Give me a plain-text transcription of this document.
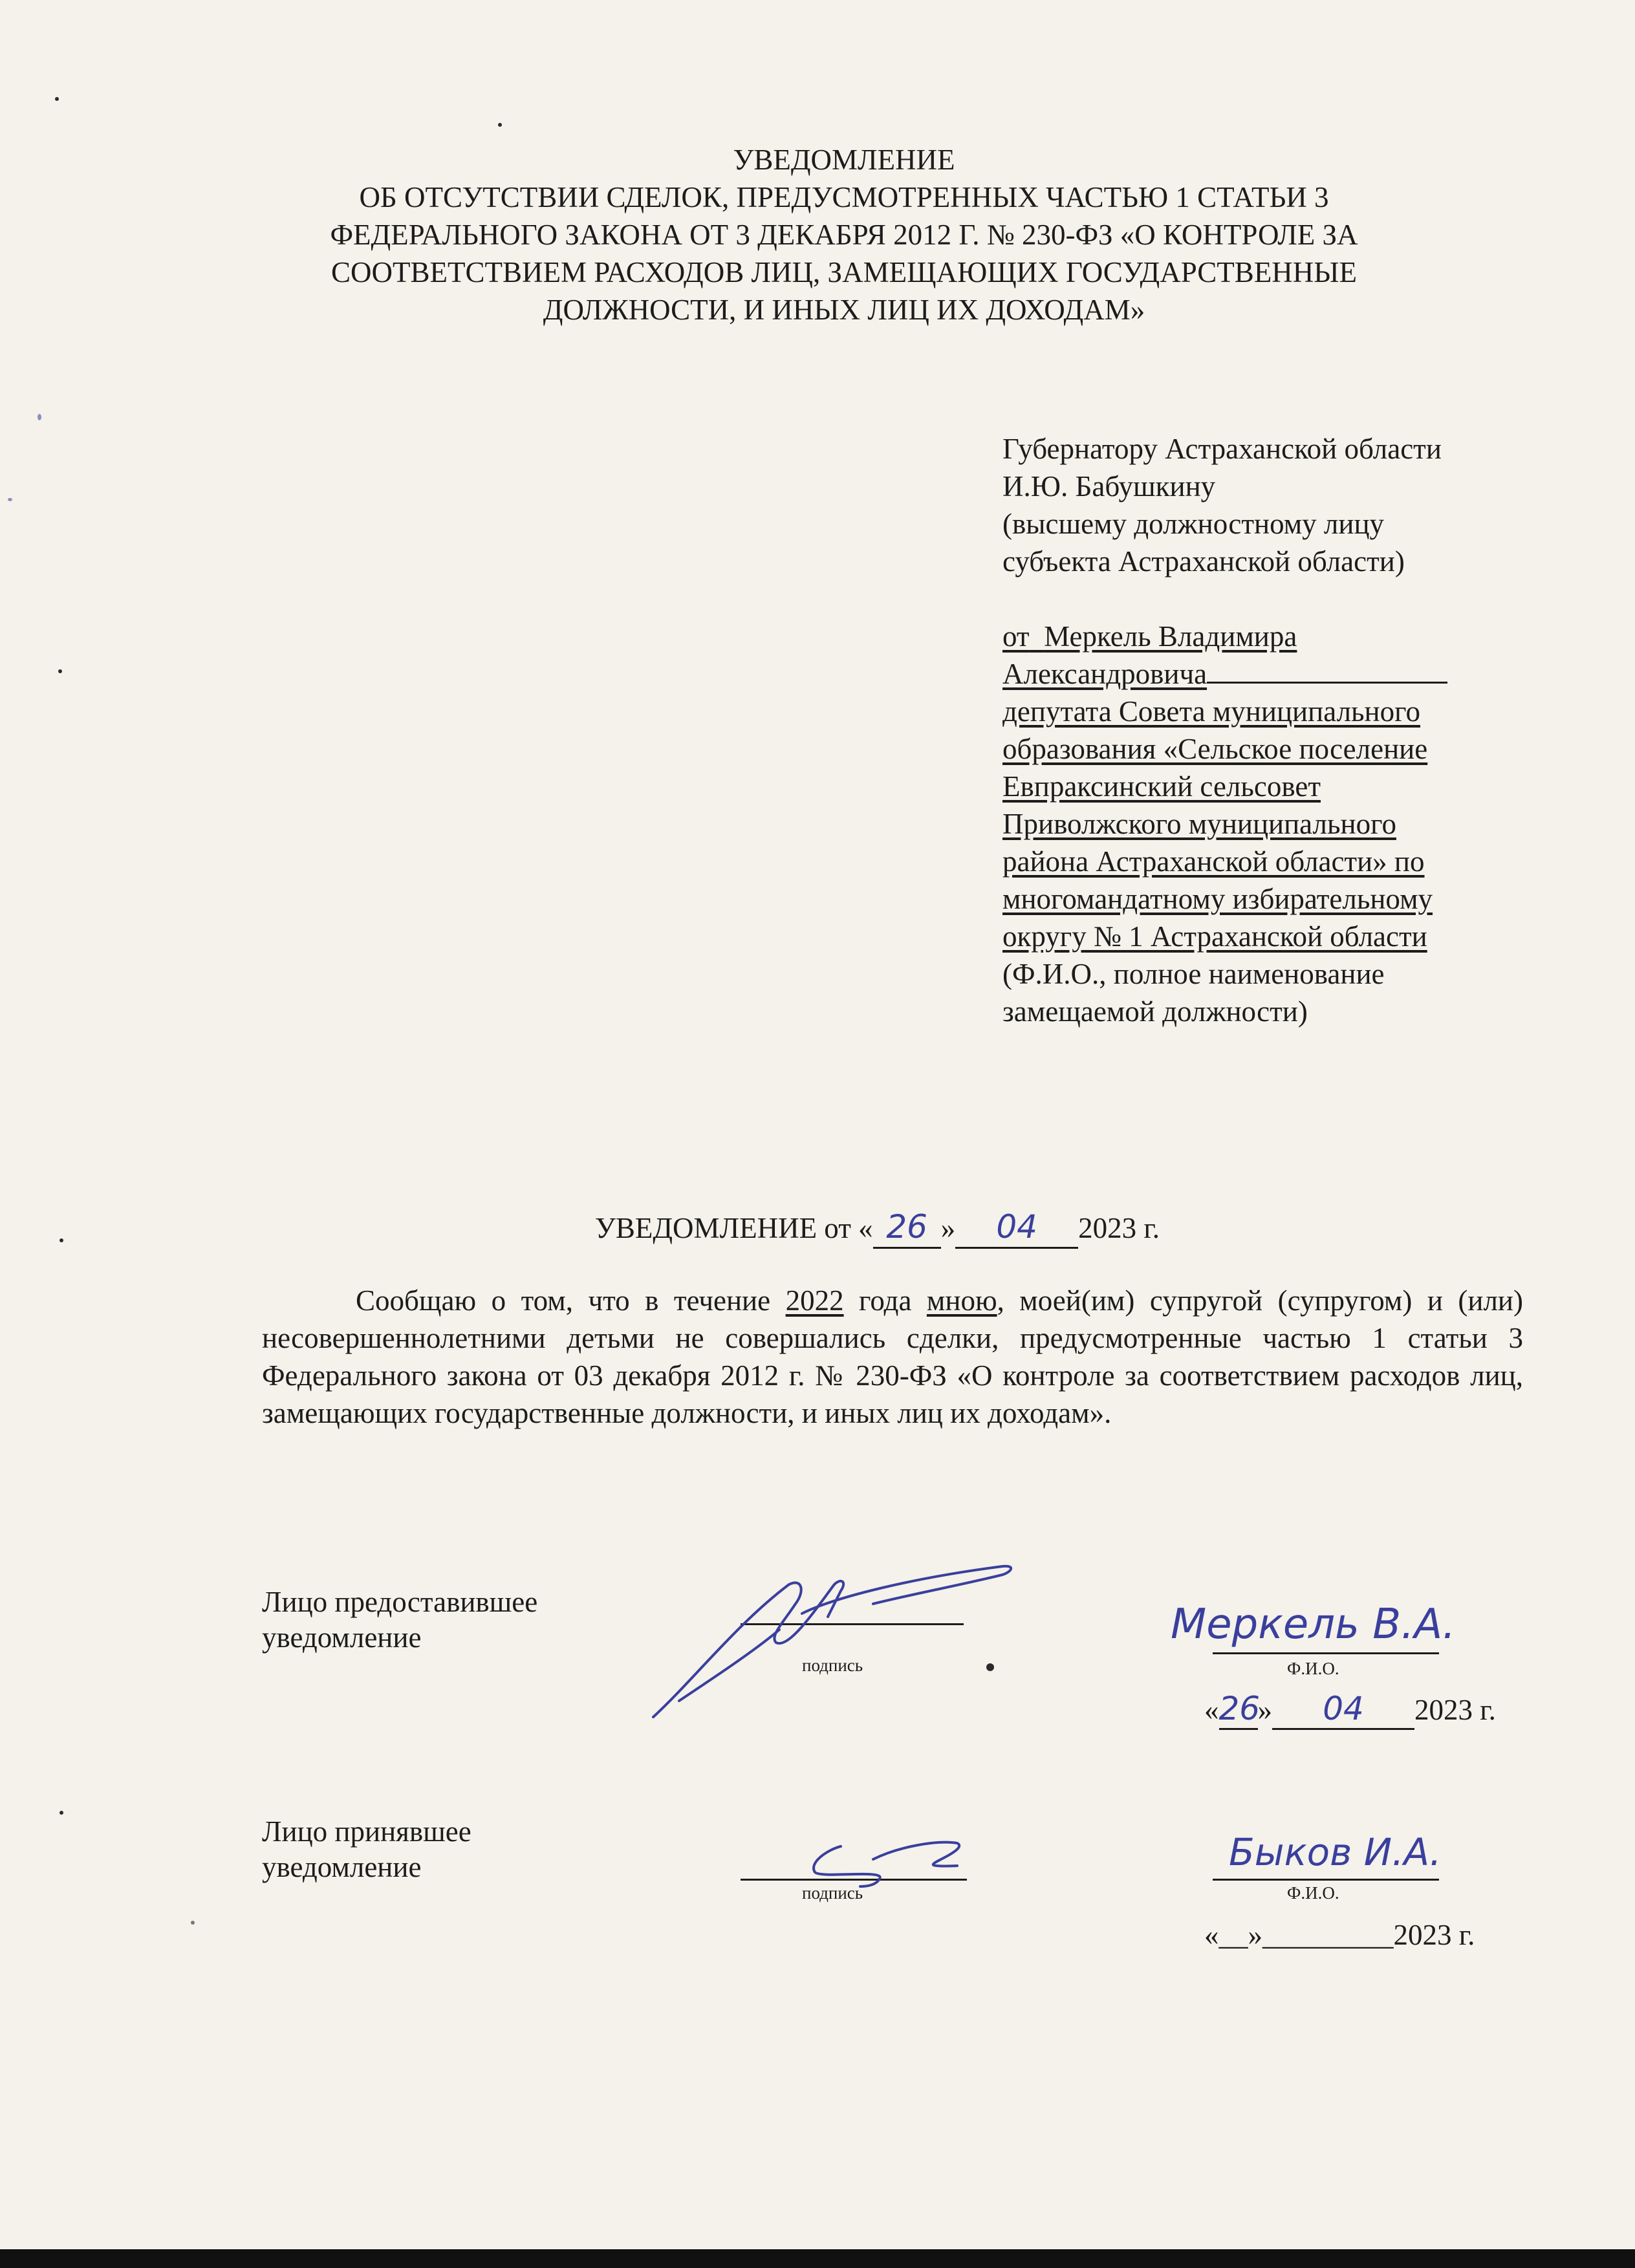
УВЕДОМЛЕНИЕ
ОБ ОТСУТСТВИИ СДЕЛОК, ПРЕДУСМОТРЕННЫХ ЧАСТЬЮ 1 СТАТЬИ 3
ФЕДЕРАЛЬНОГО ЗАКОНА ОТ 3 ДЕКАБРЯ 2012 Г. № 230-ФЗ «О КОНТРОЛЕ ЗА
СООТВЕТСТВИЕМ РАСХОДОВ ЛИЦ, ЗАМЕЩАЮЩИХ ГОСУДАРСТВЕННЫЕ
ДОЛЖНОСТИ, И ИНЫХ ЛИЦ ИХ ДОХОДАМ»
Губернатору Астраханской области
И.Ю. Бабушкину
(высшему должностному лицу
субъекта Астраханской области)
от Меркель Владимира
Александровича
депутата Совета муниципального
образования «Сельское поселение
Евпраксинский сельсовет
Приволжского муниципального
района Астраханской области» по
многомандатному избирательному
округу № 1 Астраханской области
(Ф.И.О., полное наименование
замещаемой должности)
УВЕДОМЛЕНИЕ от « 26 » 04 2023 г.

Сообщаю о том, что в течение 2022 года мною, моей(им) супругой (супругом) и (или) несовершеннолетними детьми не совершались сделки, предусмотренные частью 1 статьи 3 Федерального закона от 03 декабря 2012 г. № 230-ФЗ «О контроле за соответствием расходов лиц, замещающих государственные должности, и иных лиц их доходам».

Лицо предоставившее
уведомление
подпись	Ф.И.О.
Меркель В.А.
«26» 04 2023 г.
Лицо принявшее
уведомление
подпись	Ф.И.О.
Быков И.А.
«__»_________2023 г.
